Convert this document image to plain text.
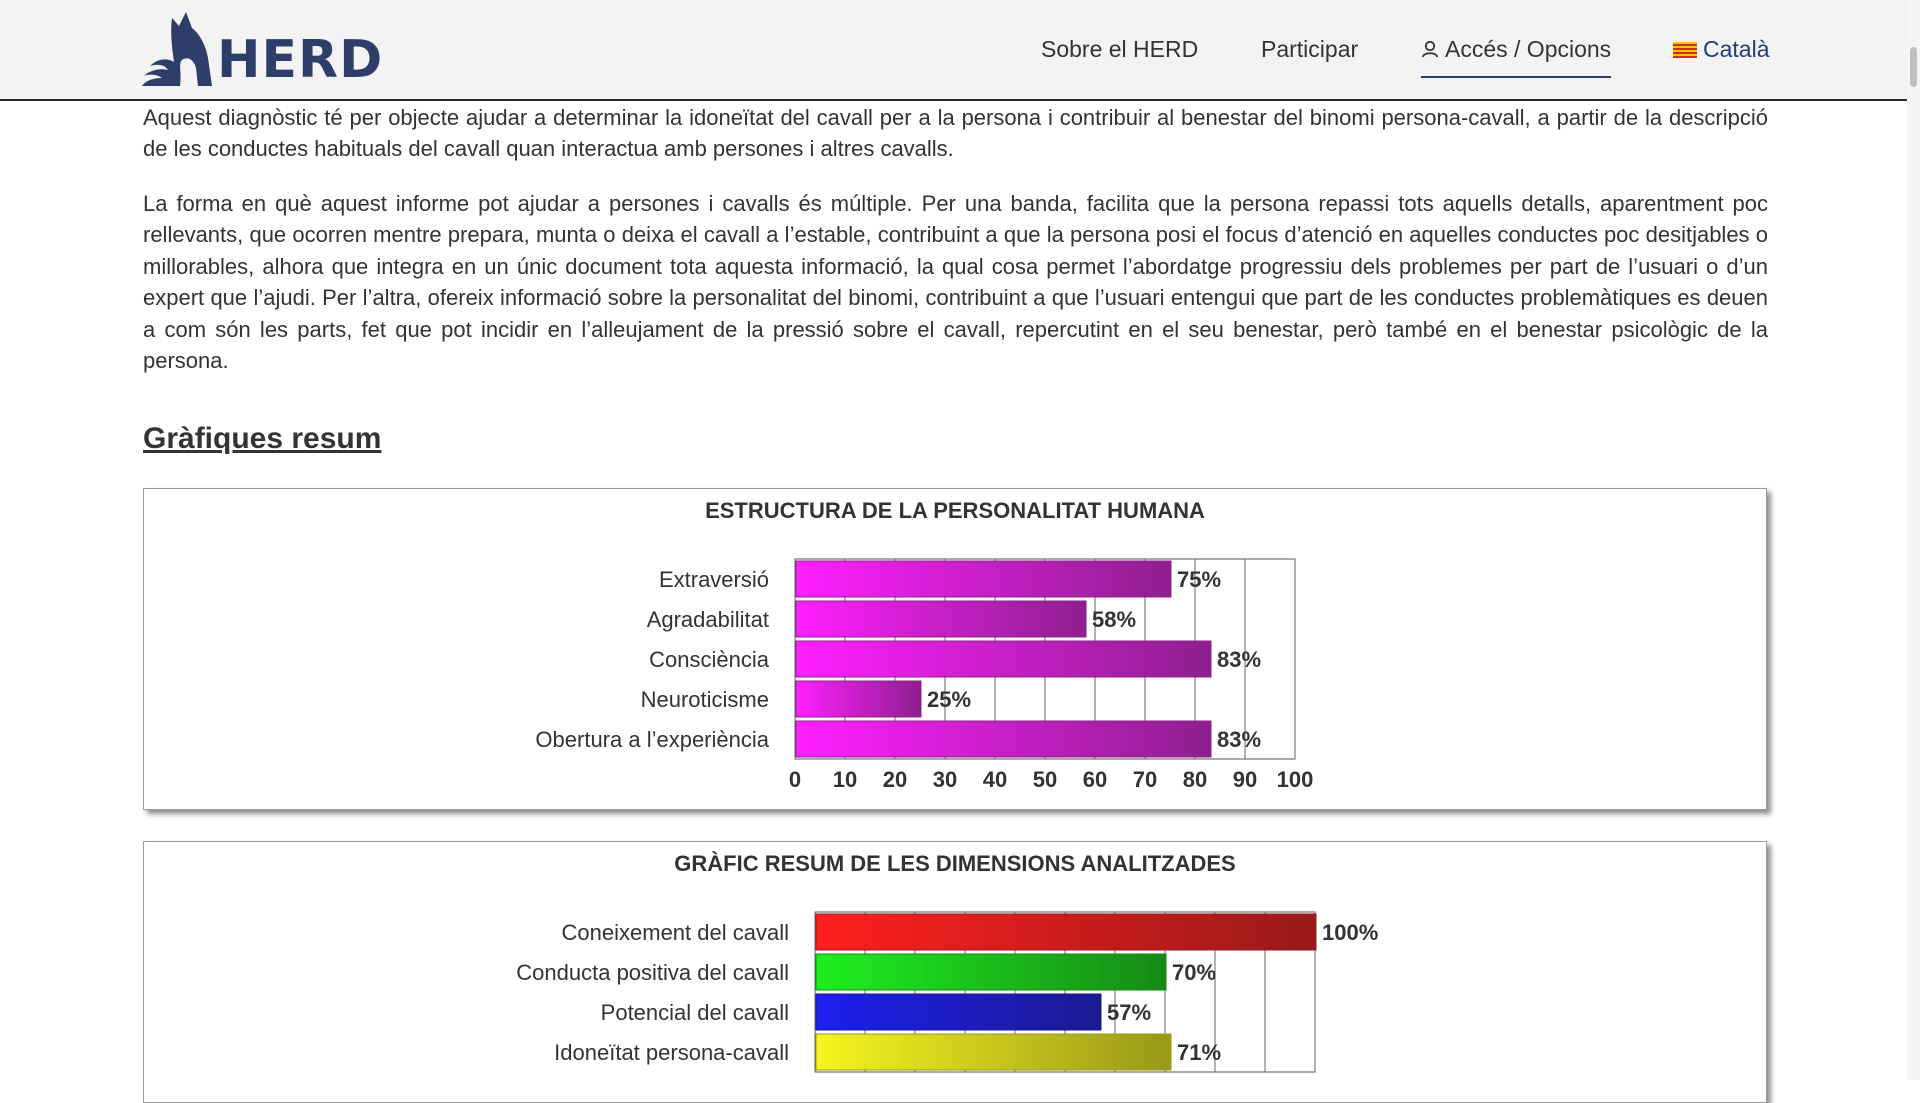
HERD	Sobre el HERD	Participar	Accés / Opcions	Català

Aquest diagnòstic té per objecte ajudar a determinar la idoneïtat del cavall per a la persona i contribuir al benestar del binomi persona-cavall, a partir de la descripció de les conductes habituals del cavall quan interactua amb persones i altres cavalls.

La forma en què aquest informe pot ajudar a persones i cavalls és múltiple. Per una banda, facilita que la persona repassi tots aquells detalls, aparentment poc rellevants, que ocorren mentre prepara, munta o deixa el cavall a l’estable, contribuint a que la persona posi el focus d’atenció en aquelles conductes poc desitjables o millorables, alhora que integra en un únic document tota aquesta informació, la qual cosa permet l’abordatge progressiu dels problemes per part de l’usuari o d’un expert que l’ajudi. Per l’altra, ofereix informació sobre la personalitat del binomi, contribuint a que l’usuari entengui que part de les conductes problemàtiques es deuen a com són les parts, fet que pot incidir en l’alleujament de la pressió sobre el cavall, repercutint en el seu benestar, però també en el benestar psicològic de la persona.

Gràfiques resum
ESTRUCTURA DE LA PERSONALITAT HUMANA
0 10 20 30 40 50 60 70 80 90 100
Extraversió	75%
Agradabilitat	58%
Consciència	83%
Neuroticisme	25%
Obertura a l’experiència	83%
GRÀFIC RESUM DE LES DIMENSIONS ANALITZADES
Coneixement del cavall	100%
Conducta positiva del cavall	70%
Potencial del cavall	57%
Idoneïtat persona-cavall	71%
